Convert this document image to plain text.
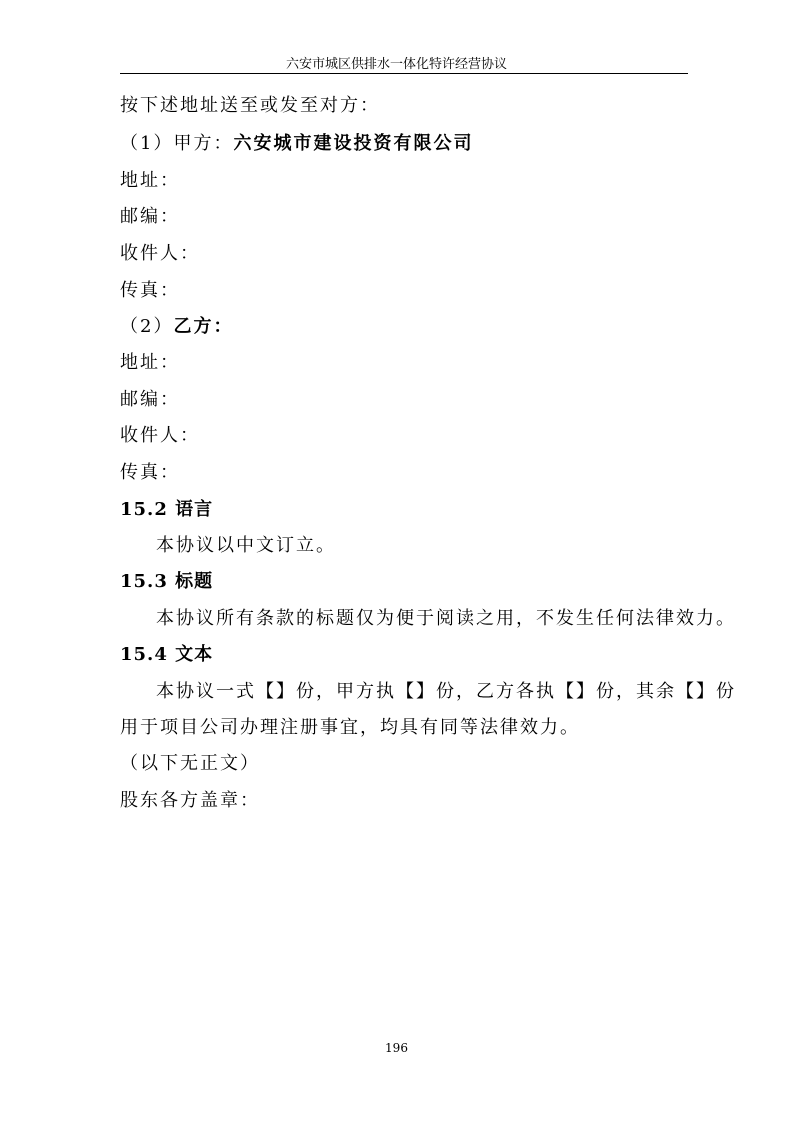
六安市城区供排水一体化特许经营协议
按下述地址送至或发至对方：
（1）甲方：六安城市建设投资有限公司
地址：
邮编：
收件人：
传真：
（2）乙方：
地址：
邮编：
收件人：
传真：
15.2 语言
本协议以中文订立。
15.3 标题
本协议所有条款的标题仅为便于阅读之用，不发生任何法律效力。
15.4 文本
本协议一式【】份，甲方执【】份，乙方各执【】份，其余【】份
用于项目公司办理注册事宜，均具有同等法律效力。
（以下无正文）
股东各方盖章：
196
